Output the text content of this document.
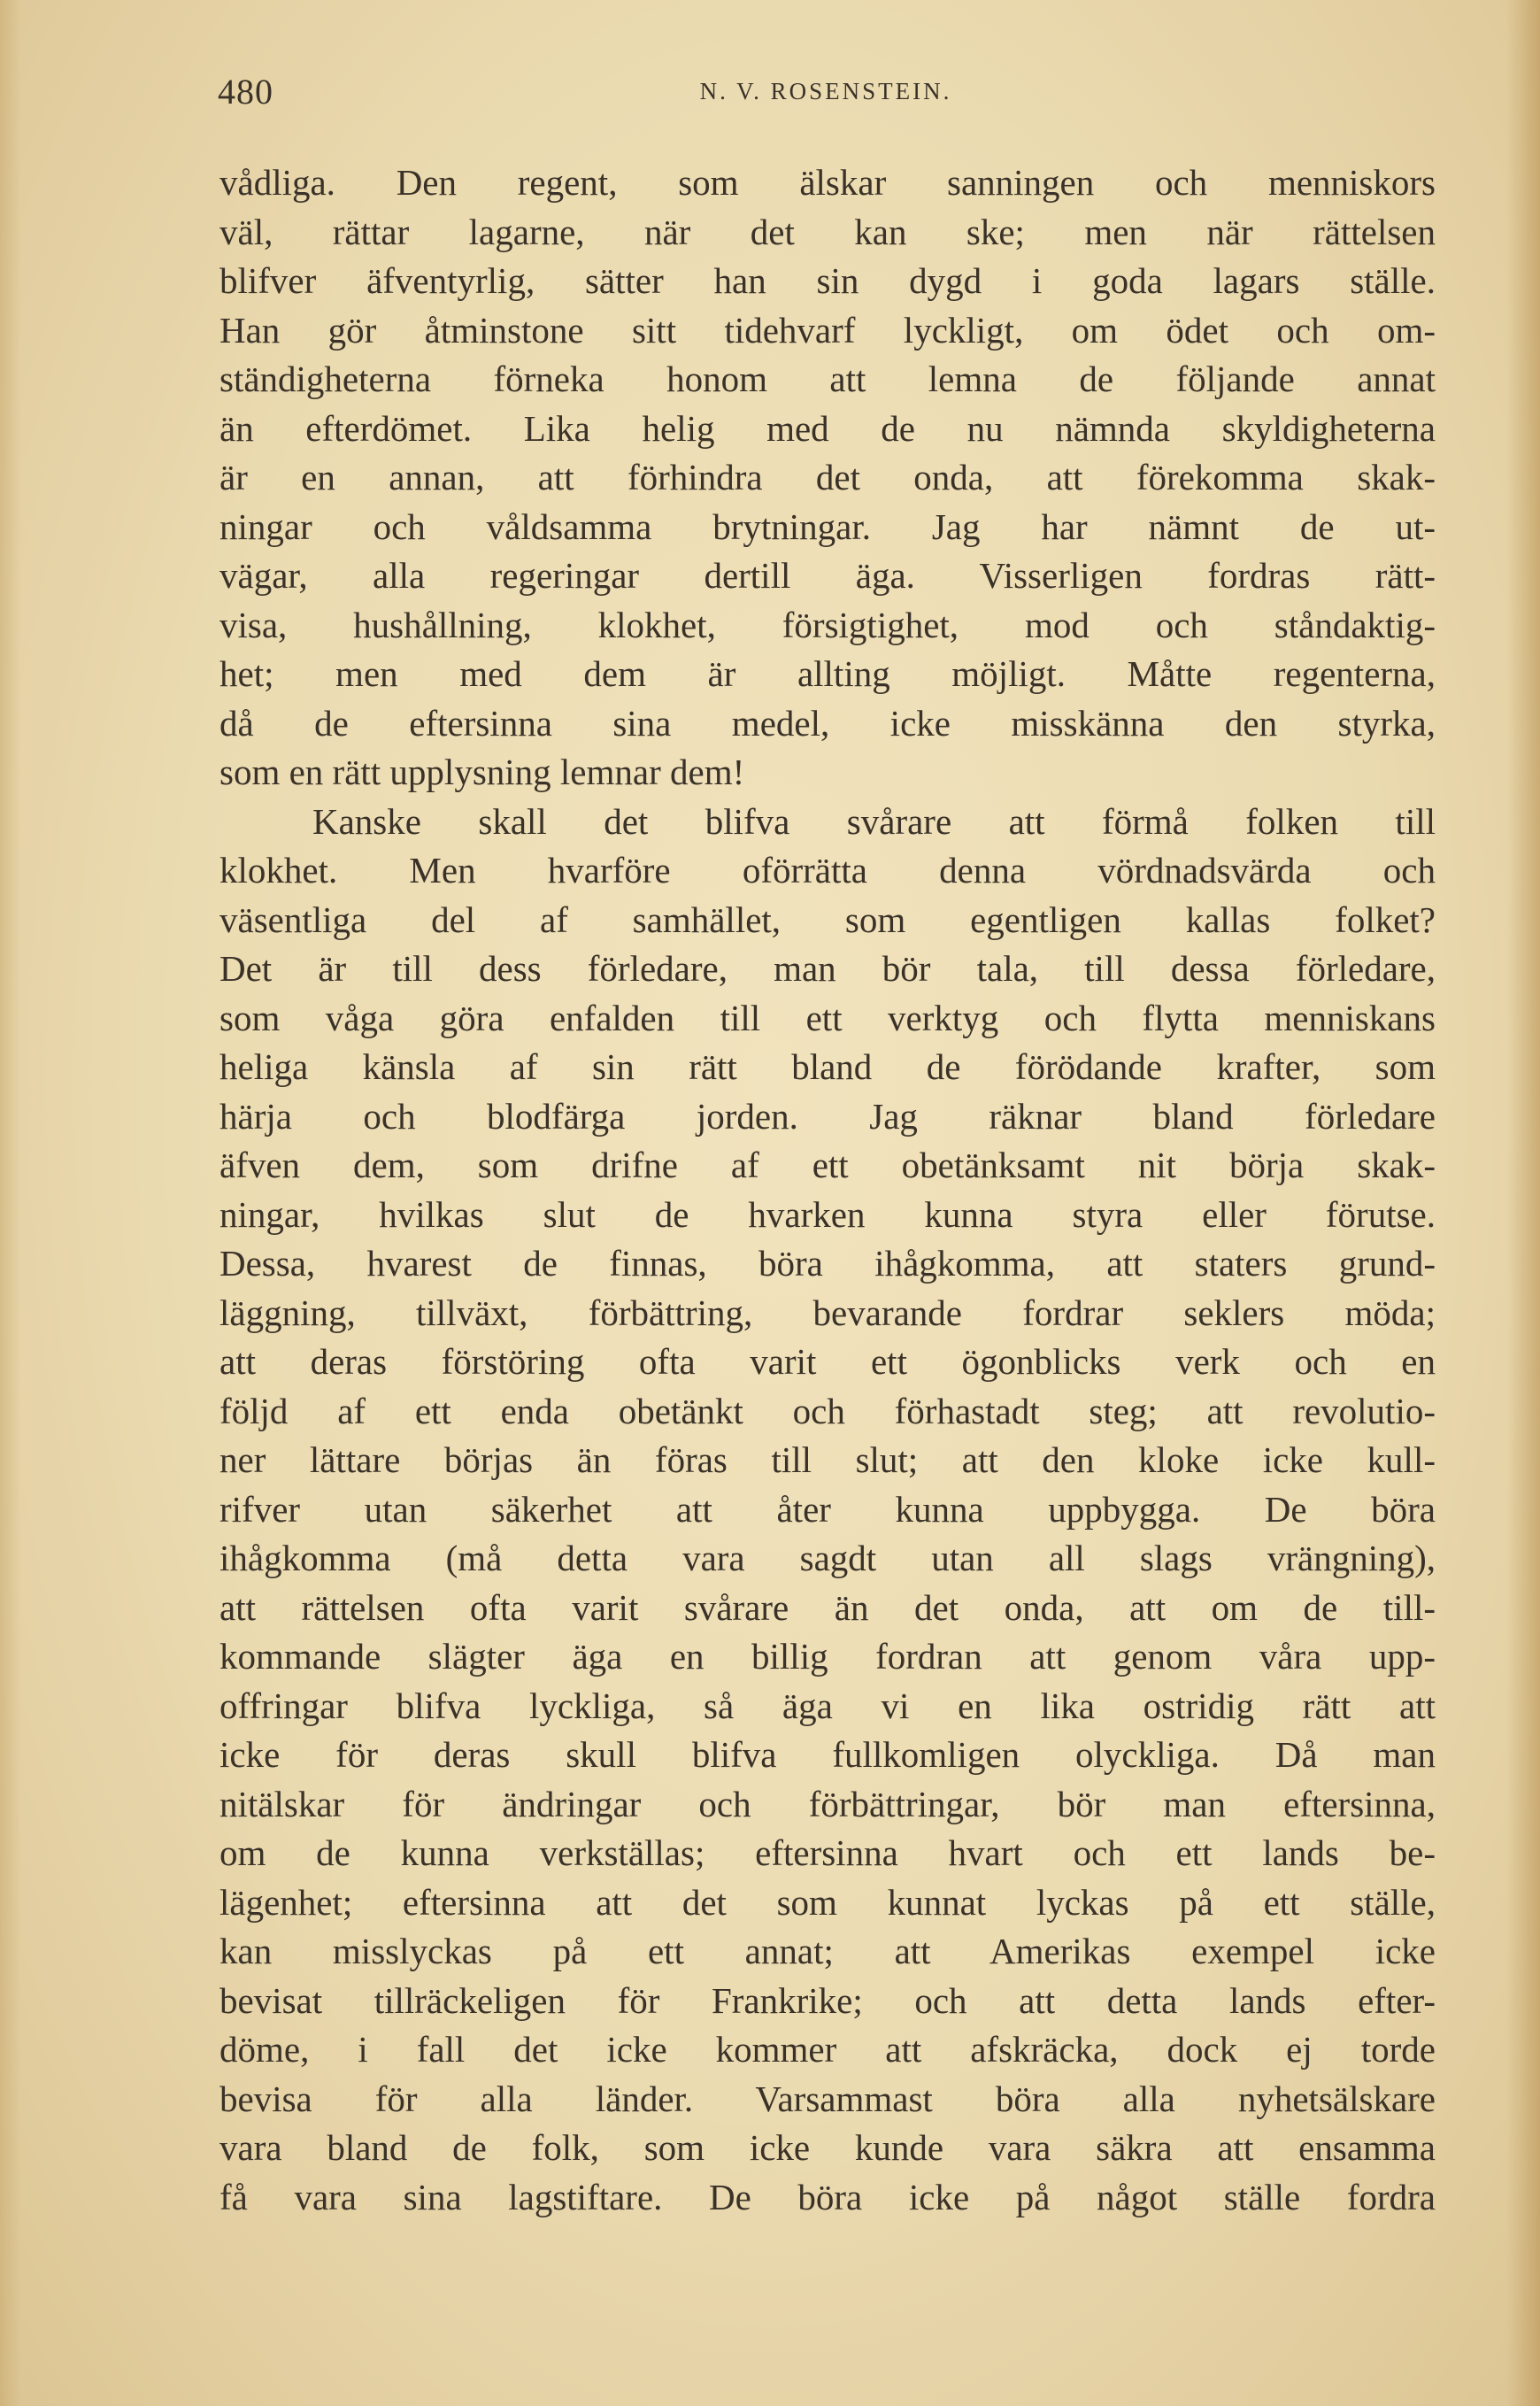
480	N. V. ROSENSTEIN.
vådliga. Den regent, som älskar sanningen och menniskors
väl, rättar lagarne, när det kan ske; men när rättelsen
blifver äfventyrlig, sätter han sin dygd i goda lagars ställe.
Han gör åtminstone sitt tidehvarf lyckligt, om ödet och om-
ständigheterna förneka honom att lemna de följande annat
än efterdömet. Lika helig med de nu nämnda skyldigheterna
är en annan, att förhindra det onda, att förekomma skak-
ningar och våldsamma brytningar. Jag har nämnt de ut-
vägar, alla regeringar dertill äga. Visserligen fordras rätt-
visa, hushållning, klokhet, försigtighet, mod och ståndaktig-
het; men med dem är allting möjligt. Måtte regenterna,
då de eftersinna sina medel, icke misskänna den styrka,
som en rätt upplysning lemnar dem!
Kanske skall det blifva svårare att förmå folken till
klokhet. Men hvarföre oförrätta denna vördnadsvärda och
väsentliga del af samhället, som egentligen kallas folket?
Det är till dess förledare, man bör tala, till dessa förledare,
som våga göra enfalden till ett verktyg och flytta menniskans
heliga känsla af sin rätt bland de förödande krafter, som
härja och blodfärga jorden. Jag räknar bland förledare
äfven dem, som drifne af ett obetänksamt nit börja skak-
ningar, hvilkas slut de hvarken kunna styra eller förutse.
Dessa, hvarest de finnas, böra ihågkomma, att staters grund-
läggning, tillväxt, förbättring, bevarande fordrar seklers möda;
att deras förstöring ofta varit ett ögonblicks verk och en
följd af ett enda obetänkt och förhastadt steg; att revolutio-
ner lättare börjas än föras till slut; att den kloke icke kull-
rifver utan säkerhet att åter kunna uppbygga. De böra
ihågkomma (må detta vara sagdt utan all slags vrängning),
att rättelsen ofta varit svårare än det onda, att om de till-
kommande slägter äga en billig fordran att genom våra upp-
offringar blifva lyckliga, så äga vi en lika ostridig rätt att
icke för deras skull blifva fullkomligen olyckliga. Då man
nitälskar för ändringar och förbättringar, bör man eftersinna,
om de kunna verkställas; eftersinna hvart och ett lands be-
lägenhet; eftersinna att det som kunnat lyckas på ett ställe,
kan misslyckas på ett annat; att Amerikas exempel icke
bevisat tillräckeligen för Frankrike; och att detta lands efter-
döme, i fall det icke kommer att afskräcka, dock ej torde
bevisa för alla länder. Varsammast böra alla nyhetsälskare
vara bland de folk, som icke kunde vara säkra att ensamma
få vara sina lagstiftare. De böra icke på något ställe fordra
